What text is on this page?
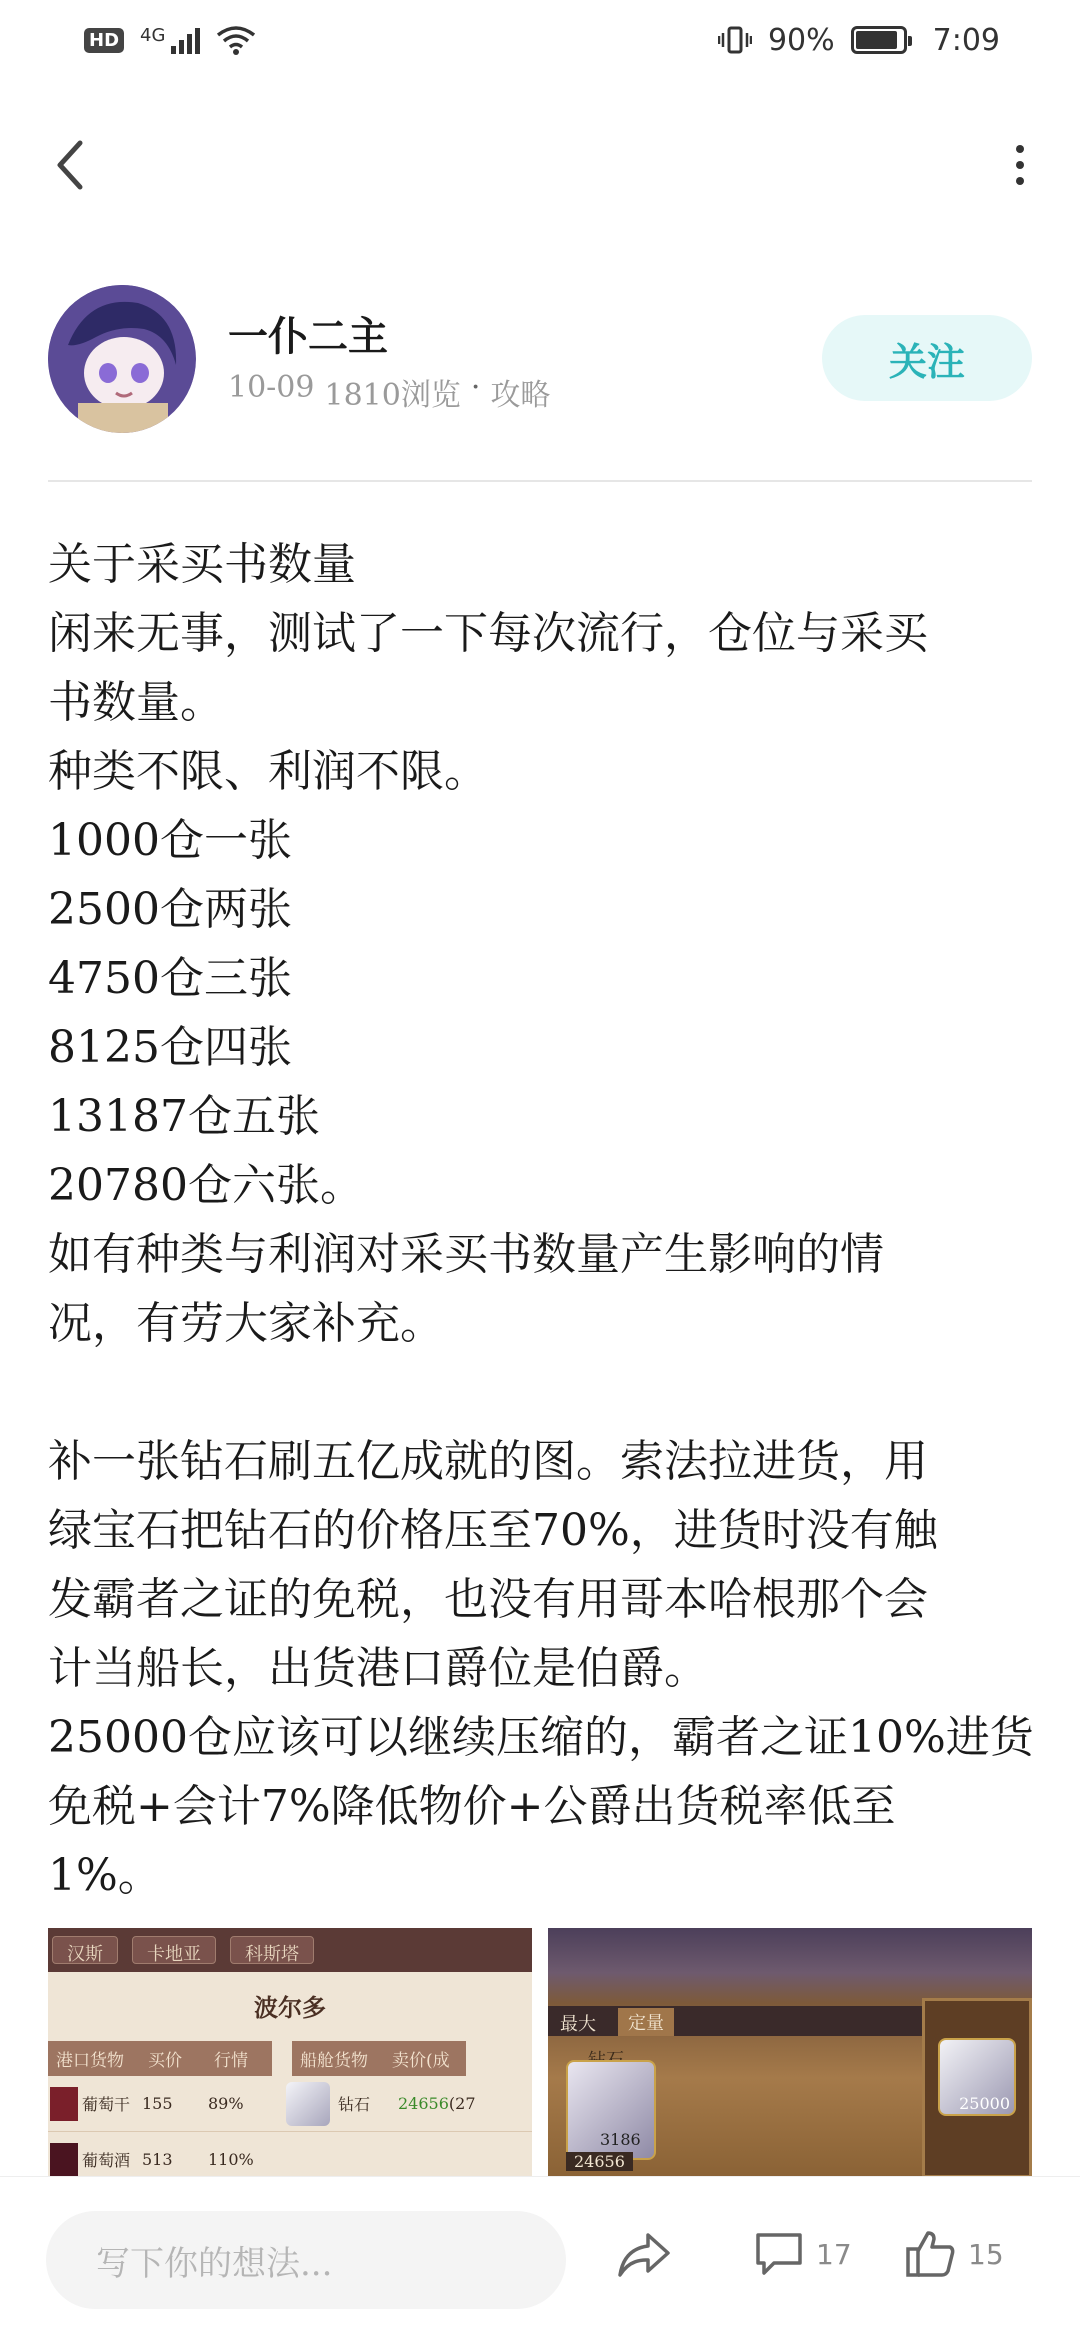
HD 4G	90%	7:09
一仆二主
10-09 1810浏览 · 攻略
关注

关于采买书数量

闲来无事，测试了一下每次流行，仓位与采买

书数量。

种类不限、利润不限。

1000仓一张

2500仓两张

4750仓三张

8125仓四张

13187仓五张

20780仓六张。

如有种类与利润对采买书数量产生影响的情

况，有劳大家补充。

补一张钻石刷五亿成就的图。索法拉进货，用

绿宝石把钻石的价格压至70%，进货时没有触

发霸者之证的免税，也没有用哥本哈根那个会

计当船长，出货港口爵位是伯爵。

25000仓应该可以继续压缩的，霸者之证10%进货

免税+会计7%降低物价+公爵出货税率低至

1%。

汉斯	卡地亚	科斯塔
波尔多
港口货物	买价	行情	船舱货物	卖价(成
葡萄干 155	89%	钻石	24656 (27
葡萄酒 513	110%
最大	定量
3186
24656
25000
写下你的想法...	17	15
